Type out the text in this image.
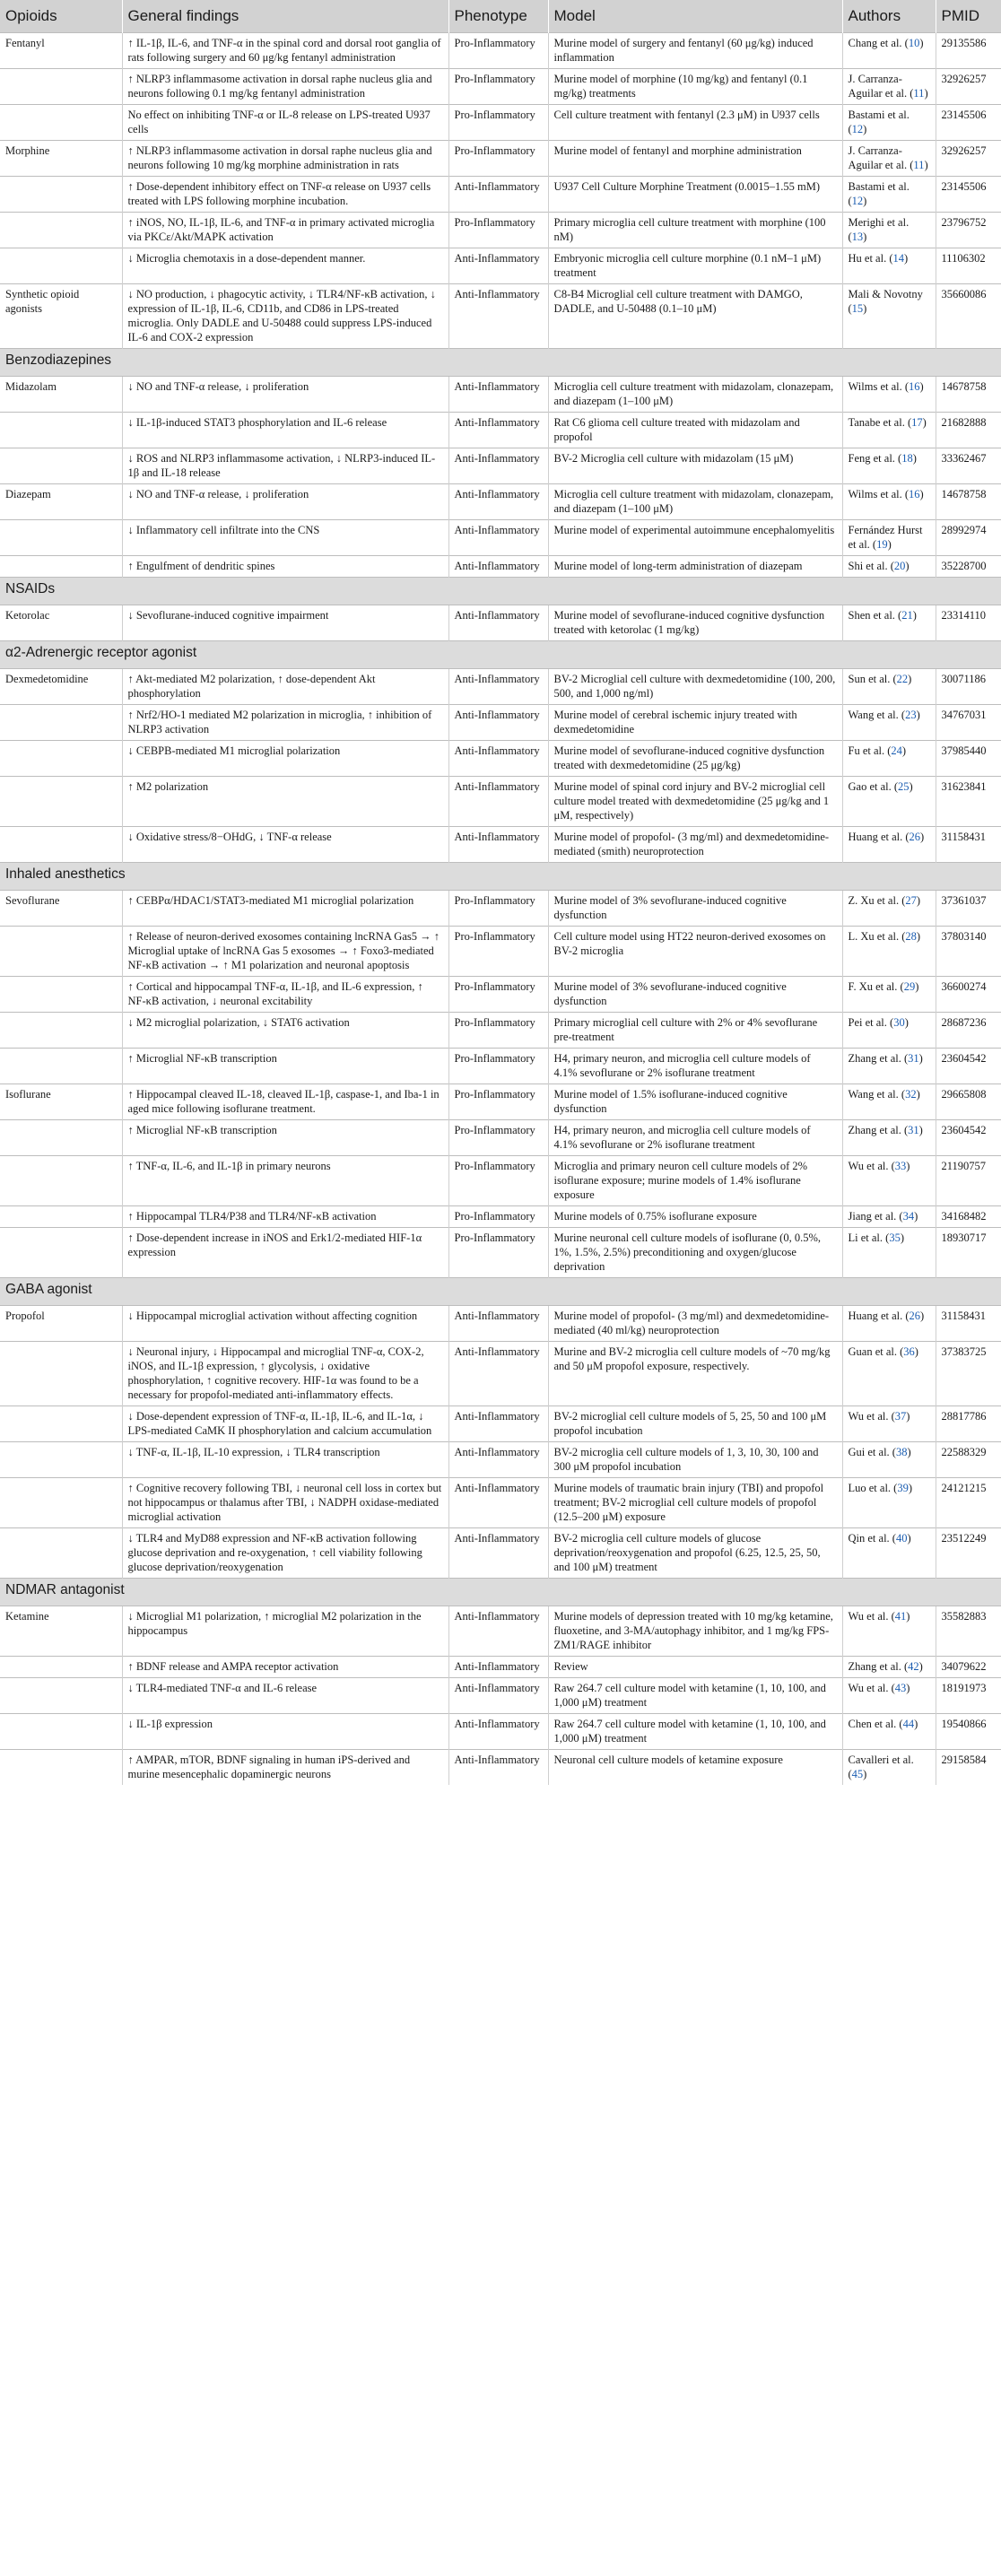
Opioids	General findings	Phenotype	Model	Authors	PMID
Fentanyl	↑ IL-1β, IL-6, and TNF-α in the spinal cord and dorsal root ganglia of rats following surgery and 60 μg/kg fentanyl administration	Pro-Inflammatory	Murine model of surgery and fentanyl (60 μg/kg) induced inflammation	Chang et al. (10)	29135586
	↑ NLRP3 inflammasome activation in dorsal raphe nucleus glia and neurons following 0.1 mg/kg fentanyl administration	Pro-Inflammatory	Murine model of morphine (10 mg/kg) and fentanyl (0.1 mg/kg) treatments	J. Carranza-Aguilar et al. (11)	32926257
	No effect on inhibiting TNF-α or IL-8 release on LPS-treated U937 cells	Pro-Inflammatory	Cell culture treatment with fentanyl (2.3 μM) in U937 cells	Bastami et al. (12)	23145506
Morphine	↑ NLRP3 inflammasome activation in dorsal raphe nucleus glia and neurons following 10 mg/kg morphine administration in rats	Pro-Inflammatory	Murine model of fentanyl and morphine administration	J. Carranza-Aguilar et al. (11)	32926257
	↑ Dose-dependent inhibitory effect on TNF-α release on U937 cells treated with LPS following morphine incubation.	Anti-Inflammatory	U937 Cell Culture Morphine Treatment (0.0015–1.55 mM)	Bastami et al. (12)	23145506
	↑ iNOS, NO, IL-1β, IL-6, and TNF-α in primary activated microglia via PKCε/Akt/MAPK activation	Pro-Inflammatory	Primary microglia cell culture treatment with morphine (100 nM)	Merighi et al. (13)	23796752
	↓ Microglia chemotaxis in a dose-dependent manner.	Anti-Inflammatory	Embryonic microglia cell culture morphine (0.1 nM–1 μM) treatment	Hu et al. (14)	11106302
Synthetic opioid agonists	↓ NO production, ↓ phagocytic activity, ↓ TLR4/NF-κB activation, ↓ expression of IL-1β, IL-6, CD11b, and CD86 in LPS-treated microglia. Only DADLE and U-50488 could suppress LPS-induced IL-6 and COX-2 expression	Anti-Inflammatory	C8-B4 Microglial cell culture treatment with DAMGO, DADLE, and U-50488 (0.1–10 μM)	Mali & Novotny (15)	35660086
Benzodiazepines					
Midazolam	↓ NO and TNF-α release, ↓ proliferation	Anti-Inflammatory	Microglia cell culture treatment with midazolam, clonazepam, and diazepam (1–100 μM)	Wilms et al. (16)	14678758
	↓ IL-1β-induced STAT3 phosphorylation and IL-6 release	Anti-Inflammatory	Rat C6 glioma cell culture treated with midazolam and propofol	Tanabe et al. (17)	21682888
	↓ ROS and NLRP3 inflammasome activation, ↓ NLRP3-induced IL-1β and IL-18 release	Anti-Inflammatory	BV-2 Microglia cell culture with midazolam (15 μM)	Feng et al. (18)	33362467
Diazepam	↓ NO and TNF-α release, ↓ proliferation	Anti-Inflammatory	Microglia cell culture treatment with midazolam, clonazepam, and diazepam (1–100 μM)	Wilms et al. (16)	14678758
	↓ Inflammatory cell infiltrate into the CNS	Anti-Inflammatory	Murine model of experimental autoimmune encephalomyelitis	Fernández Hurst et al. (19)	28992974
	↑ Engulfment of dendritic spines	Anti-Inflammatory	Murine model of long-term administration of diazepam	Shi et al. (20)	35228700
NSAIDs					
Ketorolac	↓ Sevoflurane-induced cognitive impairment	Anti-Inflammatory	Murine model of sevoflurane-induced cognitive dysfunction treated with ketorolac (1 mg/kg)	Shen et al. (21)	23314110
α2-Adrenergic receptor agonist					
Dexmedetomidine	↑ Akt-mediated M2 polarization, ↑ dose-dependent Akt phosphorylation	Anti-Inflammatory	BV-2 Microglial cell culture with dexmedetomidine (100, 200, 500, and 1,000 ng/ml)	Sun et al. (22)	30071186
	↑ Nrf2/HO-1 mediated M2 polarization in microglia, ↑ inhibition of NLRP3 activation	Anti-Inflammatory	Murine model of cerebral ischemic injury treated with dexmedetomidine	Wang et al. (23)	34767031
	↓ CEBPB-mediated M1 microglial polarization	Anti-Inflammatory	Murine model of sevoflurane-induced cognitive dysfunction treated with dexmedetomidine (25 μg/kg)	Fu et al. (24)	37985440
	↑ M2 polarization	Anti-Inflammatory	Murine model of spinal cord injury and BV-2 microglial cell culture model treated with dexmedetomidine (25 μg/kg and 1 μM, respectively)	Gao et al. (25)	31623841
	↓ Oxidative stress/8−OHdG, ↓ TNF-α release	Anti-Inflammatory	Murine model of propofol- (3 mg/ml) and dexmedetomidine-mediated (smith) neuroprotection	Huang et al. (26)	31158431
Inhaled anesthetics					
Sevoflurane	↑ CEBPα/HDAC1/STAT3-mediated M1 microglial polarization	Pro-Inflammatory	Murine model of 3% sevoflurane-induced cognitive dysfunction	Z. Xu et al. (27)	37361037
	↑ Release of neuron-derived exosomes containing lncRNA Gas5 → ↑ Microglial uptake of lncRNA Gas 5 exosomes → ↑ Foxo3-mediated NF-κB activation → ↑ M1 polarization and neuronal apoptosis	Pro-Inflammatory	Cell culture model using HT22 neuron-derived exosomes on BV-2 microglia	L. Xu et al. (28)	37803140
	↑ Cortical and hippocampal TNF-α, IL-1β, and IL-6 expression, ↑ NF-κB activation, ↓ neuronal excitability	Pro-Inflammatory	Murine model of 3% sevoflurane-induced cognitive dysfunction	F. Xu et al. (29)	36600274
	↓ M2 microglial polarization, ↓ STAT6 activation	Pro-Inflammatory	Primary microglial cell culture with 2% or 4% sevoflurane pre-treatment	Pei et al. (30)	28687236
	↑ Microglial NF-κB transcription	Pro-Inflammatory	H4, primary neuron, and microglia cell culture models of 4.1% sevoflurane or 2% isoflurane treatment	Zhang et al. (31)	23604542
Isoflurane	↑ Hippocampal cleaved IL-18, cleaved IL-1β, caspase-1, and Iba-1 in aged mice following isoflurane treatment.	Pro-Inflammatory	Murine model of 1.5% isoflurane-induced cognitive dysfunction	Wang et al. (32)	29665808
	↑ Microglial NF-κB transcription	Pro-Inflammatory	H4, primary neuron, and microglia cell culture models of 4.1% sevoflurane or 2% isoflurane treatment	Zhang et al. (31)	23604542
	↑ TNF-α, IL-6, and IL-1β in primary neurons	Pro-Inflammatory	Microglia and primary neuron cell culture models of 2% isoflurane exposure; murine models of 1.4% isoflurane exposure	Wu et al. (33)	21190757
	↑ Hippocampal TLR4/P38 and TLR4/NF-κB activation	Pro-Inflammatory	Murine models of 0.75% isoflurane exposure	Jiang et al. (34)	34168482
	↑ Dose-dependent increase in iNOS and Erk1/2-mediated HIF-1α expression	Pro-Inflammatory	Murine neuronal cell culture models of isoflurane (0, 0.5%, 1%, 1.5%, 2.5%) preconditioning and oxygen/glucose deprivation	Li et al. (35)	18930717
GABA agonist					
Propofol	↓ Hippocampal microglial activation without affecting cognition	Anti-Inflammatory	Murine model of propofol- (3 mg/ml) and dexmedetomidine-mediated (40 ml/kg) neuroprotection	Huang et al. (26)	31158431
	↓ Neuronal injury, ↓ Hippocampal and microglial TNF-α, COX-2, iNOS, and IL-1β expression, ↑ glycolysis, ↓ oxidative phosphorylation, ↑ cognitive recovery. HIF-1α was found to be a necessary for propofol-mediated anti-inflammatory effects.	Anti-Inflammatory	Murine and BV-2 microglia cell culture models of ~70 mg/kg and 50 μM propofol exposure, respectively.	Guan et al. (36)	37383725
	↓ Dose-dependent expression of TNF-α, IL-1β, IL-6, and IL-1α, ↓ LPS-mediated CaMK II phosphorylation and calcium accumulation	Anti-Inflammatory	BV-2 microglial cell culture models of 5, 25, 50 and 100 μM propofol incubation	Wu et al. (37)	28817786
	↓ TNF-α, IL-1β, IL-10 expression, ↓ TLR4 transcription	Anti-Inflammatory	BV-2 microglia cell culture models of 1, 3, 10, 30, 100 and 300 μM propofol incubation	Gui et al. (38)	22588329
	↑ Cognitive recovery following TBI, ↓ neuronal cell loss in cortex but not hippocampus or thalamus after TBI, ↓ NADPH oxidase-mediated microglial activation	Anti-Inflammatory	Murine models of traumatic brain injury (TBI) and propofol treatment; BV-2 microglial cell culture models of propofol (12.5–200 μM) exposure	Luo et al. (39)	24121215
	↓ TLR4 and MyD88 expression and NF-κB activation following glucose deprivation and re-oxygenation, ↑ cell viability following glucose deprivation/reoxygenation	Anti-Inflammatory	BV-2 microglia cell culture models of glucose deprivation/reoxygenation and propofol (6.25, 12.5, 25, 50, and 100 μM) treatment	Qin et al. (40)	23512249
NDMAR antagonist					
Ketamine	↓ Microglial M1 polarization, ↑ microglial M2 polarization in the hippocampus	Anti-Inflammatory	Murine models of depression treated with 10 mg/kg ketamine, fluoxetine, and 3-MA/autophagy inhibitor, and 1 mg/kg FPS-ZM1/RAGE inhibitor	Wu et al. (41)	35582883
	↑ BDNF release and AMPA receptor activation	Anti-Inflammatory	Review	Zhang et al. (42)	34079622
	↓ TLR4-mediated TNF-α and IL-6 release	Anti-Inflammatory	Raw 264.7 cell culture model with ketamine (1, 10, 100, and 1,000 μM) treatment	Wu et al. (43)	18191973
	↓ IL-1β expression	Anti-Inflammatory	Raw 264.7 cell culture model with ketamine (1, 10, 100, and 1,000 μM) treatment	Chen et al. (44)	19540866
	↑ AMPAR, mTOR, BDNF signaling in human iPS-derived and murine mesencephalic dopaminergic neurons	Anti-Inflammatory	Neuronal cell culture models of ketamine exposure	Cavalleri et al. (45)	29158584
